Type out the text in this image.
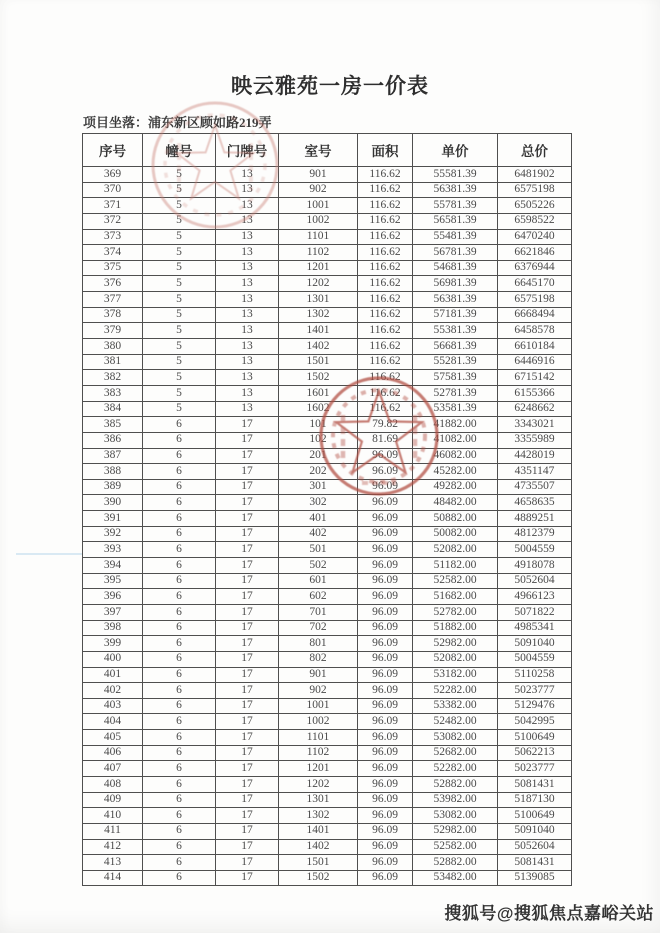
映云雅苑一房一价表
项目坐落：浦东新区顾如路219弄
序号	幢号	门牌号	室号	面积	单价	总价
369	5	13	901	116.62	55581.39	6481902
370	5	13	902	116.62	56381.39	6575198
371	5	13	1001	116.62	55781.39	6505226
372	5	13	1002	116.62	56581.39	6598522
373	5	13	1101	116.62	55481.39	6470240
374	5	13	1102	116.62	56781.39	6621846
375	5	13	1201	116.62	54681.39	6376944
376	5	13	1202	116.62	56981.39	6645170
377	5	13	1301	116.62	56381.39	6575198
378	5	13	1302	116.62	57181.39	6668494
379	5	13	1401	116.62	55381.39	6458578
380	5	13	1402	116.62	56681.39	6610184
381	5	13	1501	116.62	55281.39	6446916
382	5	13	1502	116.62	57581.39	6715142
383	5	13	1601	116.62	52781.39	6155366
384	5	13	1602	116.62	53581.39	6248662
385	6	17	101	79.82	41882.00	3343021
386	6	17	102	81.69	41082.00	3355989
387	6	17	201	96.09	46082.00	4428019
388	6	17	202	96.09	45282.00	4351147
389	6	17	301	96.09	49282.00	4735507
390	6	17	302	96.09	48482.00	4658635
391	6	17	401	96.09	50882.00	4889251
392	6	17	402	96.09	50082.00	4812379
393	6	17	501	96.09	52082.00	5004559
394	6	17	502	96.09	51182.00	4918078
395	6	17	601	96.09	52582.00	5052604
396	6	17	602	96.09	51682.00	4966123
397	6	17	701	96.09	52782.00	5071822
398	6	17	702	96.09	51882.00	4985341
399	6	17	801	96.09	52982.00	5091040
400	6	17	802	96.09	52082.00	5004559
401	6	17	901	96.09	53182.00	5110258
402	6	17	902	96.09	52282.00	5023777
403	6	17	1001	96.09	53382.00	5129476
404	6	17	1002	96.09	52482.00	5042995
405	6	17	1101	96.09	53082.00	5100649
406	6	17	1102	96.09	52682.00	5062213
407	6	17	1201	96.09	52282.00	5023777
408	6	17	1202	96.09	52882.00	5081431
409	6	17	1301	96.09	53982.00	5187130
410	6	17	1302	96.09	53082.00	5100649
411	6	17	1401	96.09	52982.00	5091040
412	6	17	1402	96.09	52582.00	5052604
413	6	17	1501	96.09	52882.00	5081431
414	6	17	1502	96.09	53482.00	5139085
搜狐号@搜狐焦点嘉峪关站
